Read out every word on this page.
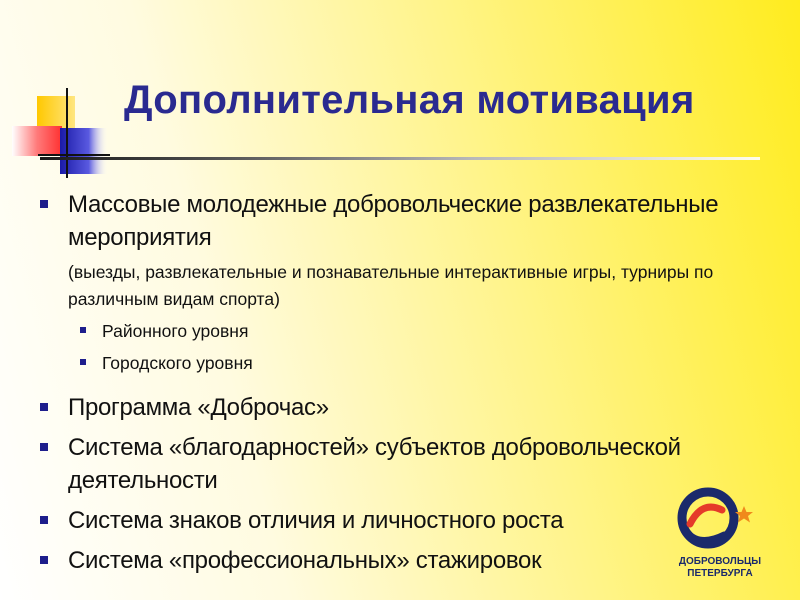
Дополнительная мотивация
Массовые молодежные добровольческие развлекательные мероприятия
(выезды, развлекательные и познавательные интерактивные игры, турниры по различным видам спорта)
Районного уровня
Городского уровня
Программа «Доброчас»
Система «благодарностей» субъектов добровольческой деятельности
Система знаков отличия и личностного роста
Система «профессиональных» стажировок	ДОБРОВОЛЬЦЫ
ПЕТЕРБУРГА
